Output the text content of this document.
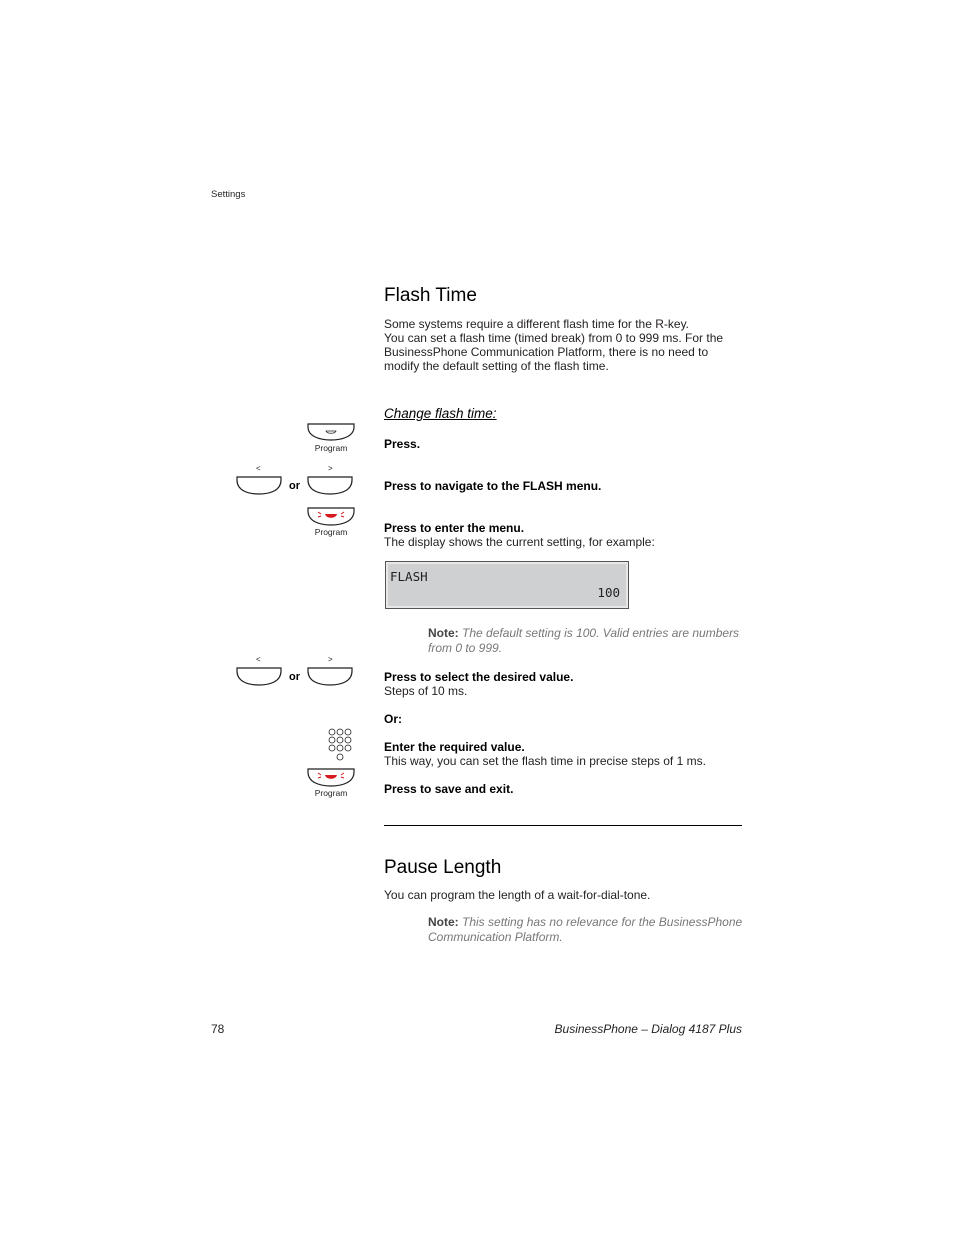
Settings
Flash Time
Some systems require a different flash time for the R-key.
You can set a flash time (timed break) from 0 to 999 ms. For the
BusinessPhone Communication Platform, there is no need to
modify the default setting of the flash time.
Change flash time:
Program	Press.
<	>
or	Press to navigate to the FLASH menu.
Program	Press to enter the menu.
The display shows the current setting, for example:
FLASH
100
Note: The default setting is 100. Valid entries are numbers
from 0 to 999.
<	>
or	Press to select the desired value.
Steps of 10 ms.
Or:
Enter the required value.
This way, you can set the flash time in precise steps of 1 ms.
Program	Press to save and exit.
Pause Length
You can program the length of a wait-for-dial-tone.
Note: This setting has no relevance for the BusinessPhone
Communication Platform.
78	BusinessPhone – Dialog 4187 Plus
